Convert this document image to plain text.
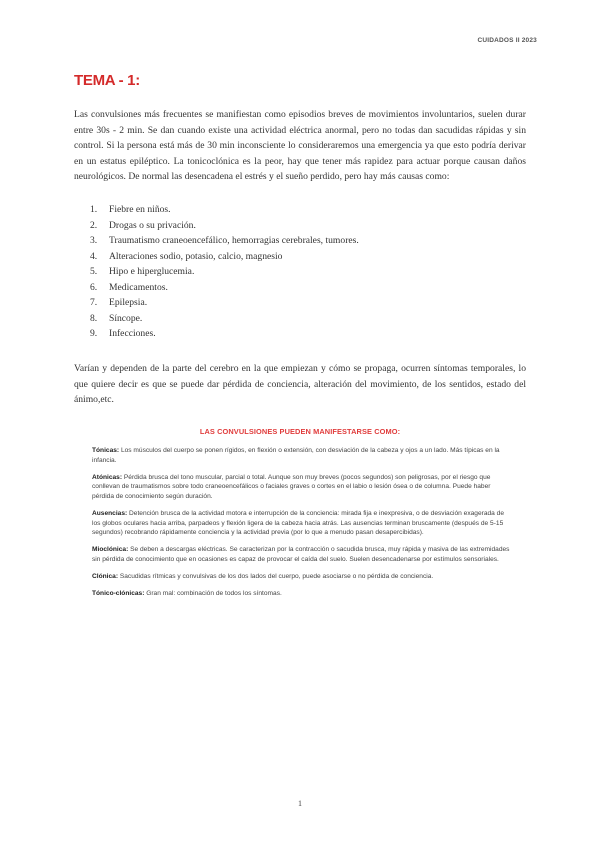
CUIDADOS II 2023
TEMA - 1:

Las convulsiones más frecuentes se manifiestan como episodios breves de movimientos involuntarios, suelen durar entre 30s - 2 min. Se dan cuando existe una actividad eléctrica anormal, pero no todas dan sacudidas rápidas y sin control. Si la persona está más de 30 min inconsciente lo consideraremos una emergencia ya que esto podría derivar en un estatus epiléptico. La tonicoclónica es la peor, hay que tener más rapidez para actuar porque causan daños neurológicos. De normal las desencadena el estrés y el sueño perdido, pero hay más causas como:

1. Fiebre en niños.
2. Drogas o su privación.
3. Traumatismo craneoencefálico, hemorragias cerebrales, tumores.
4. Alteraciones sodio, potasio, calcio, magnesio
5. Hipo e hiperglucemia.
6. Medicamentos.
7. Epilepsia.
8. Síncope.
9. Infecciones.

Varían y dependen de la parte del cerebro en la que empiezan y cómo se propaga, ocurren síntomas temporales, lo que quiere decir es que se puede dar pérdida de conciencia, alteración del movimiento, de los sentidos, estado del ánimo,etc.

LAS CONVULSIONES PUEDEN MANIFESTARSE COMO:

Tónicas: Los músculos del cuerpo se ponen rígidos, en flexión o extensión, con desviación de la cabeza y ojos a un lado. Más típicas en la infancia.

Atónicas: Pérdida brusca del tono muscular, parcial o total. Aunque son muy breves (pocos segundos) son peligrosas, por el riesgo que conllevan de traumatismos sobre todo craneoencefálicos o faciales graves o cortes en el labio o lesión ósea o de columna. Puede haber pérdida de conocimiento según duración.

Ausencias: Detención brusca de la actividad motora e interrupción de la conciencia: mirada fija e inexpresiva, o de desviación exagerada de los globos oculares hacia arriba, parpadeos y flexión ligera de la cabeza hacia atrás. Las ausencias terminan bruscamente (después de 5-15 segundos) recobrando rápidamente conciencia y la actividad previa (por lo que a menudo pasan desapercibidas).

Mioclónica: Se deben a descargas eléctricas. Se caracterizan por la contracción o sacudida brusca, muy rápida y masiva de las extremidades sin pérdida de conocimiento que en ocasiones es capaz de provocar el caída del suelo. Suelen desencadenarse por estímulos sensoriales.

Clónica: Sacudidas rítmicas y convulsivas de los dos lados del cuerpo, puede asociarse o no pérdida de conciencia.

Tónico-clónicas: Gran mal: combinación de todos los síntomas.

1
